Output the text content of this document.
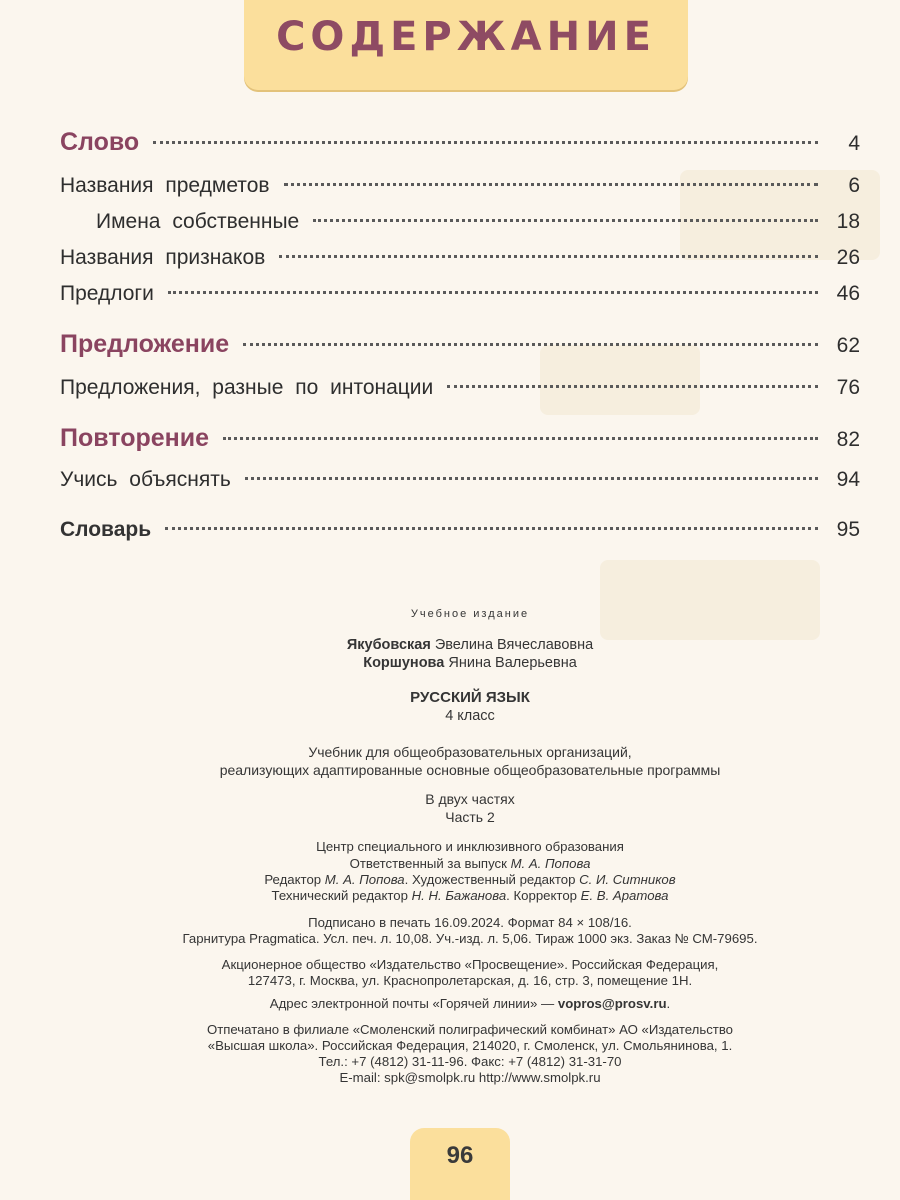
СОДЕРЖАНИЕ
Слово	4
Названия предметов	6
Имена собственные	18
Названия признаков	26
Предлоги	46
Предложение	62
Предложения, разные по интонации	76
Повторение	82
Учись объяснять	94
Словарь	95
Учебное издание
Якубовская Эвелина Вячеславовна
Коршунова Янина Валерьевна
РУССКИЙ ЯЗЫК
4 класс
Учебник для общеобразовательных организаций,
реализующих адаптированные основные общеобразовательные программы
В двух частях
Часть 2
Центр специального и инклюзивного образования
Ответственный за выпуск М. А. Попова
Редактор М. А. Попова. Художественный редактор С. И. Ситников
Технический редактор Н. Н. Бажанова. Корректор Е. В. Аратова
Подписано в печать 16.09.2024. Формат 84 × 108/16.
Гарнитура Pragmatica. Усл. печ. л. 10,08. Уч.-изд. л. 5,06. Тираж 1000 экз. Заказ № СМ-79695.
Акционерное общество «Издательство «Просвещение». Российская Федерация,
127473, г. Москва, ул. Краснопролетарская, д. 16, стр. 3, помещение 1Н.
Адрес электронной почты «Горячей линии» — vopros@prosv.ru.
Отпечатано в филиале «Смоленский полиграфический комбинат» АО «Издательство
«Высшая школа». Российская Федерация, 214020, г. Смоленск, ул. Смольянинова, 1.
Тел.: +7 (4812) 31-11-96. Факс: +7 (4812) 31-31-70
E-mail: spk@smolpk.ru http://www.smolpk.ru
96
